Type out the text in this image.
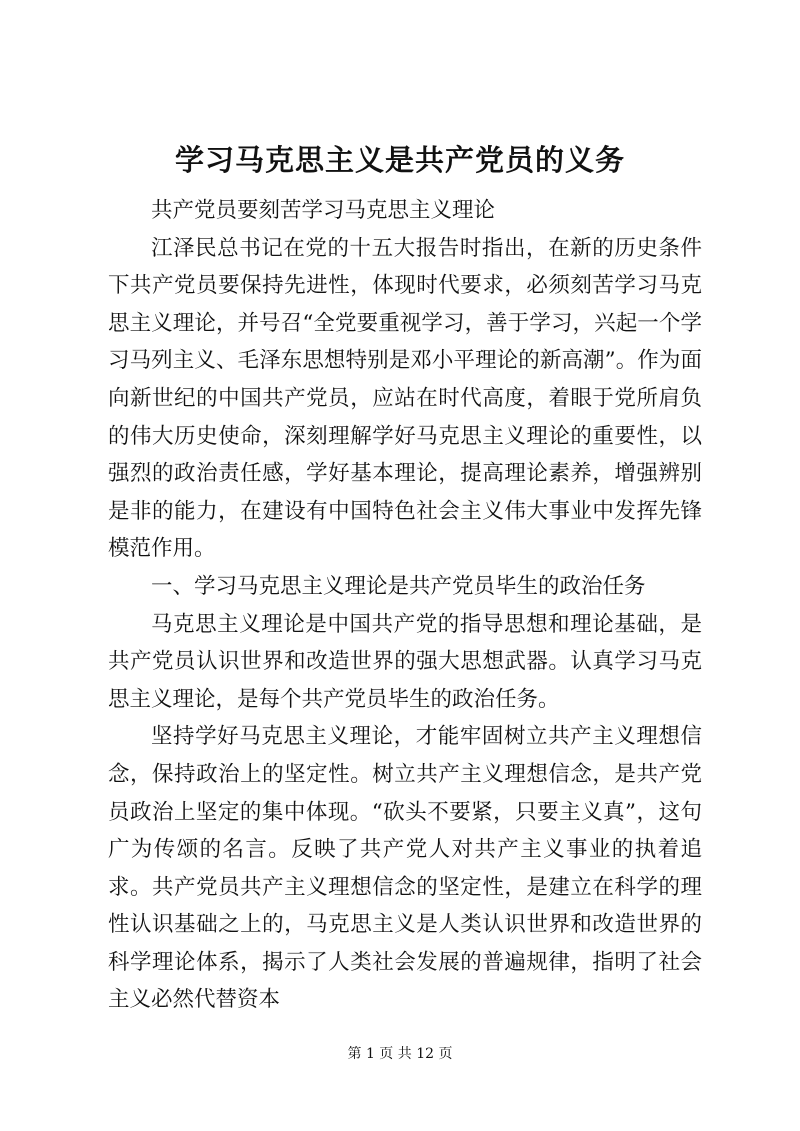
学习马克思主义是共产党员的义务

共产党员要刻苦学习马克思主义理论

江泽民总书记在党的十五大报告时指出，在新的历史条件下共产党员要保持先进性，体现时代要求，必须刻苦学习马克思主义理论，并号召“全党要重视学习，善于学习，兴起一个学习马列主义、毛泽东思想特别是邓小平理论的新高潮”。作为面向新世纪的中国共产党员，应站在时代高度，着眼于党所肩负的伟大历史使命，深刻理解学好马克思主义理论的重要性，以强烈的政治责任感，学好基本理论，提高理论素养，增强辨别是非的能力，在建设有中国特色社会主义伟大事业中发挥先锋模范作用。

一、学习马克思主义理论是共产党员毕生的政治任务

马克思主义理论是中国共产党的指导思想和理论基础，是共产党员认识世界和改造世界的强大思想武器。认真学习马克思主义理论，是每个共产党员毕生的政治任务。

坚持学好马克思主义理论，才能牢固树立共产主义理想信念，保持政治上的坚定性。树立共产主义理想信念，是共产党员政治上坚定的集中体现。“砍头不要紧，只要主义真”，这句广为传颂的名言。反映了共产党人对共产主义事业的执着追求。共产党员共产主义理想信念的坚定性，是建立在科学的理性认识基础之上的，马克思主义是人类认识世界和改造世界的科学理论体系，揭示了人类社会发展的普遍规律，指明了社会主义必然代替资本

第 1 页 共 12 页
